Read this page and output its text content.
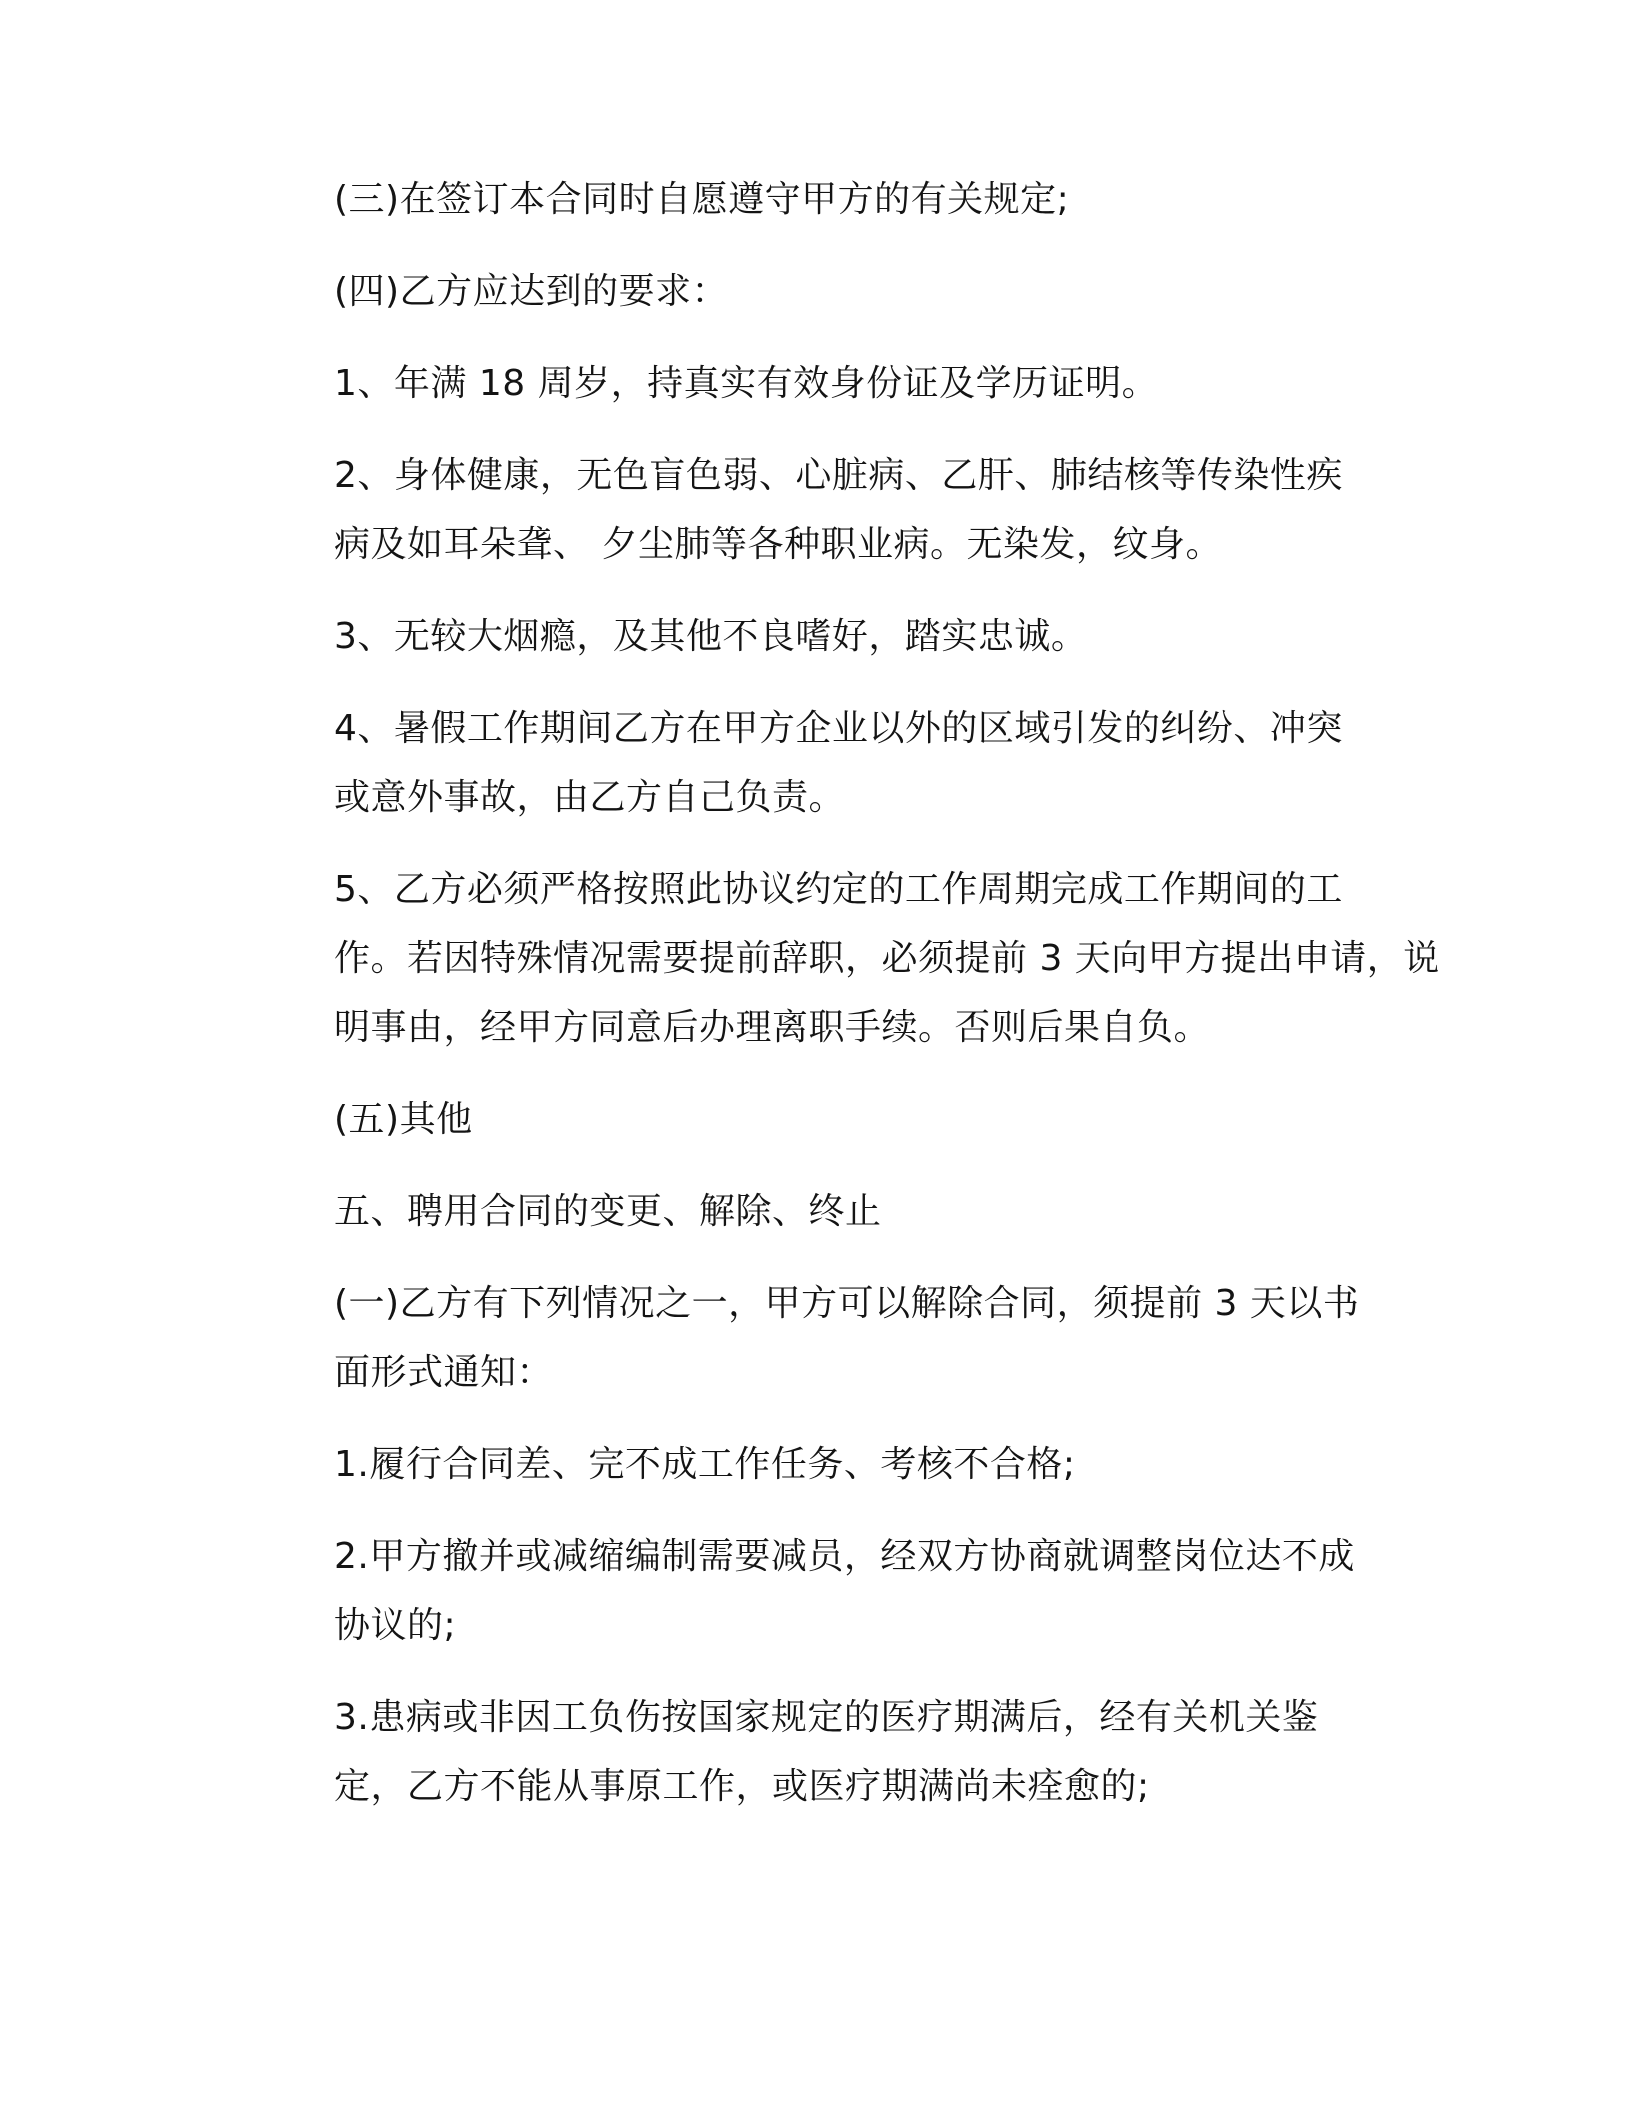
(三)在签订本合同时自愿遵守甲方的有关规定;

(四)乙方应达到的要求：

1、年满 18 周岁，持真实有效身份证及学历证明。

2、身体健康，无色盲色弱、心脏病、乙肝、肺结核等传染性疾
病及如耳朵聋、 夕尘肺等各种职业病。无染发，纹身。

3、无较大烟瘾，及其他不良嗜好，踏实忠诚。

4、暑假工作期间乙方在甲方企业以外的区域引发的纠纷、冲突
或意外事故，由乙方自己负责。

5、乙方必须严格按照此协议约定的工作周期完成工作期间的工
作。若因特殊情况需要提前辞职，必须提前 3 天向甲方提出申请，说
明事由，经甲方同意后办理离职手续。否则后果自负。

(五)其他

五、聘用合同的变更、解除、终止

(一)乙方有下列情况之一，甲方可以解除合同，须提前 3 天以书
面形式通知：

1.履行合同差、完不成工作任务、考核不合格;

2.甲方撤并或减缩编制需要减员，经双方协商就调整岗位达不成
协议的;

3.患病或非因工负伤按国家规定的医疗期满后，经有关机关鉴
定，乙方不能从事原工作，或医疗期满尚未痊愈的;
